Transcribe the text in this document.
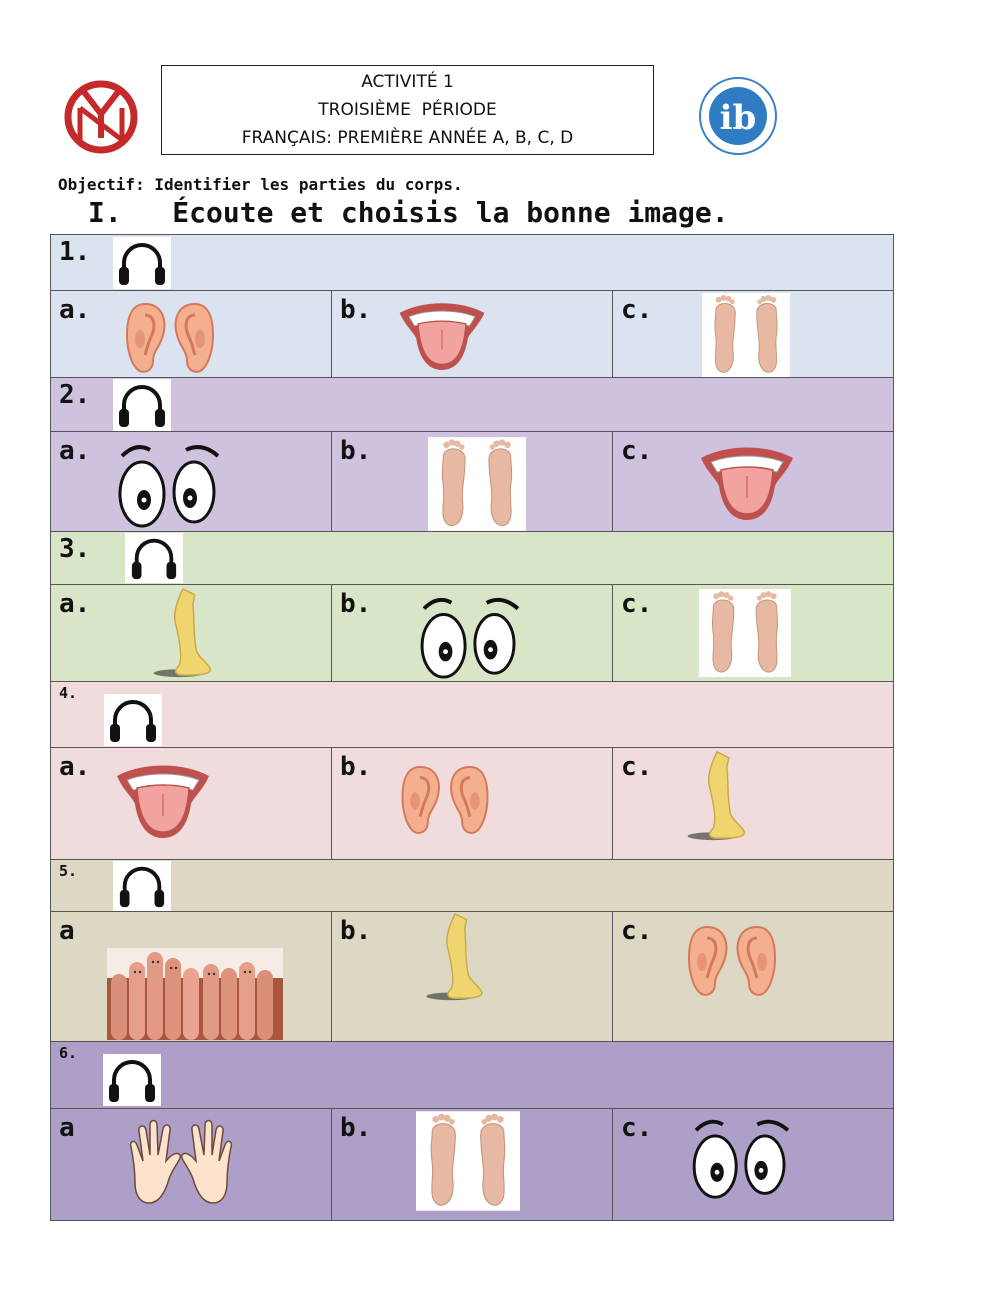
ACTIVITÉ 1
TROISIÈME  PÉRIODE
FRANÇAIS: PREMIÈRE ANNÉE A, B, C, D	ib
Objectif: Identifier les parties du corps.
I.   Écoute et choisis la bonne image.
1.		

a.	b.	c.

2.		

a.	b.	c.

3.		

a.	b.	c.

4.		

a.	b.	c.

5.		

a	b.	c.

6.		

a	b.	c.
